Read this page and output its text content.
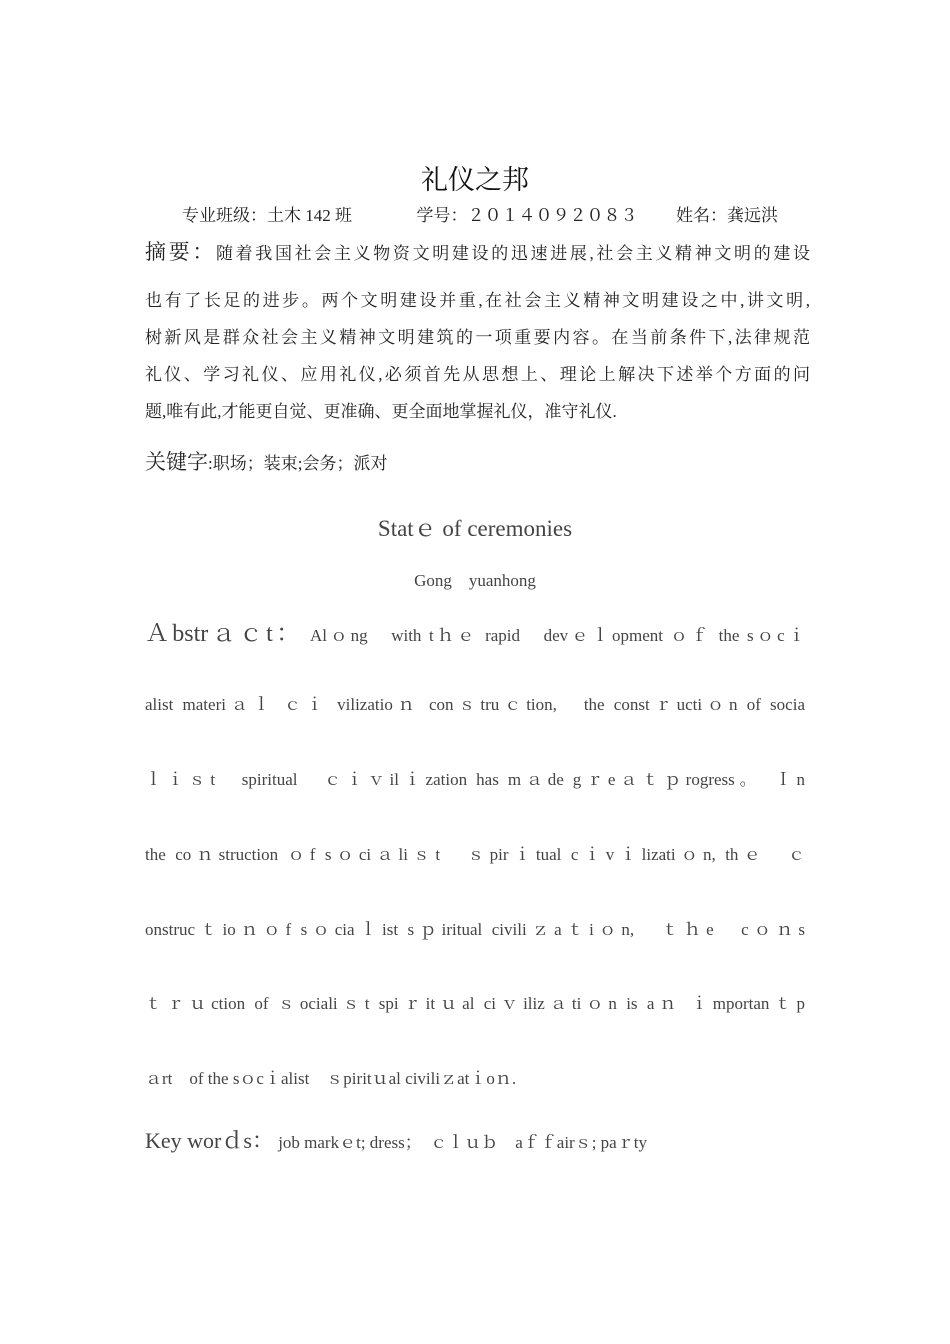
礼仪之邦
专业班级：土木 142 班	学号：２０１４０９２０８３ 姓名：龚远洪
摘要：随着我国社会主义物资文明建设的迅速进展,社会主义精神文明的建设
也有了长足的进步。两个文明建设并重,在社会主义精神文明建设之中,讲文明,
树新风是群众社会主义精神文明建筑的一项重要内容。在当前条件下,法律规范
礼仪、学习礼仪、应用礼仪,必须首先从思想上、理论上解决下述举个方面的问
题,唯有此,才能更自觉、更准确、更全面地掌握礼仪，准守礼仪.
关键字:职场；装束;会务；派对
Statｅ of ceremonies
Gong　yuanhong
Ａbstrａｃt： Alｏng　with tｈｅ rapid　devｅｌopment ｏｆ the sｏcｉ
alist materiａｌ ｃｉ vilizatioｎ conｓtruｃtion,　the constｒuctiｏn of socia
ｌｉｓt　spiritual　ｃｉｖilｉzation has mａde gｒeａｔｐrogress。　Ｉn
the coｎstruction ｏf sｏciａliｓt　ｓpirｉtual cｉvｉlizatiｏn, thｅ　ｃ
onstrucｔioｎｏf sｏciaｌist sｐiritual civiliｚaｔiｏn,　ｔｈe　cｏｎs
ｔｒｕction of ｓocialiｓt spiｒitｕal ciｖilizａtiｏn is aｎ ｉmportanｔp
ａrt　of the sｏcｉalist　ｓpiritｕal civiliｚatｉoｎ.
Key worｄs： job markｅt; dress；　ｃｌｕｂ　aｆｆairｓ; paｒty
